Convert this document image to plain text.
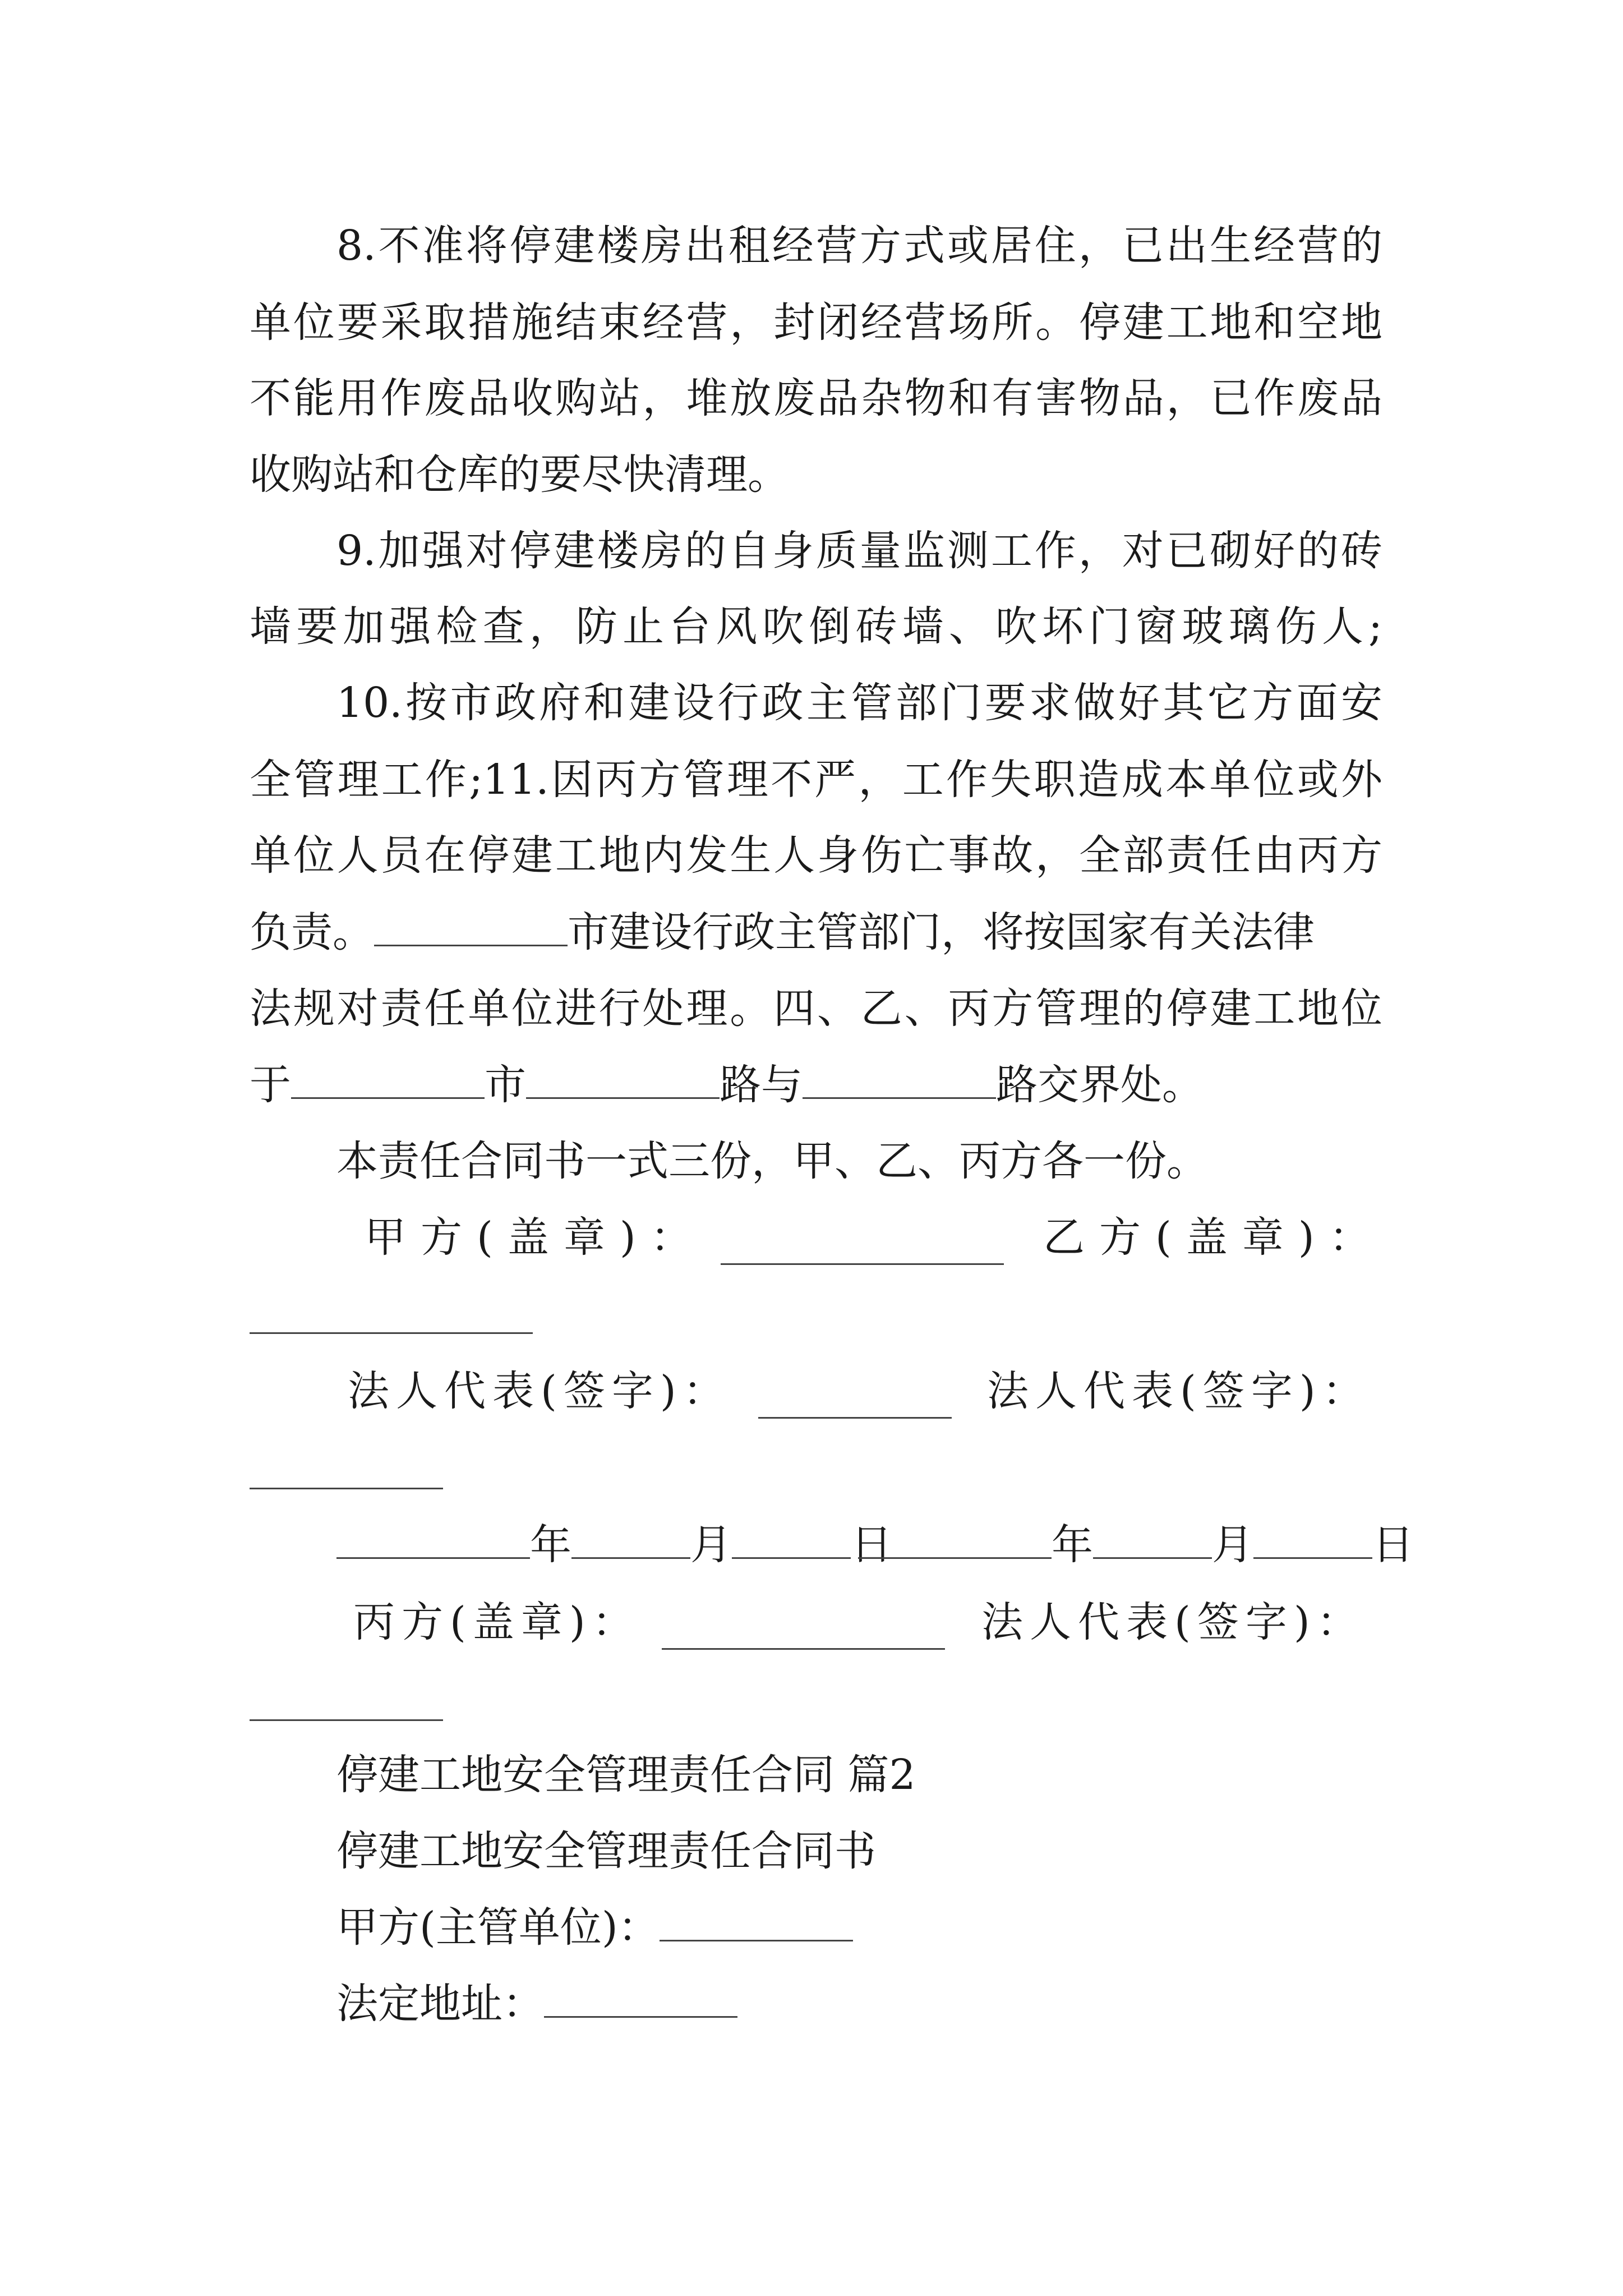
8.不准将停建楼房出租经营方式或居住，已出生经营的
单位要采取措施结束经营，封闭经营场所。停建工地和空地
不能用作废品收购站，堆放废品杂物和有害物品，已作废品
收购站和仓库的要尽快清理。
9.加强对停建楼房的自身质量监测工作，对已砌好的砖
墙要加强检查，防止台风吹倒砖墙、吹坏门窗玻璃伤人;
10.按市政府和建设行政主管部门要求做好其它方面安
全管理工作;11.因丙方管理不严，工作失职造成本单位或外
单位人员在停建工地内发生人身伤亡事故，全部责任由丙方
负责。	市建设行政主管部门，将按国家有关法律
法规对责任单位进行处理。四、乙、丙方管理的停建工地位
于	市	路与	路交界处。
本责任合同书一式三份，甲、乙、丙方各一份。
甲方(盖章)：	乙方(盖章)：
法人代表(签字)：	法人代表(签字)：
年	月	日	年	月	日
丙方(盖章)：	法人代表(签字)：
停建工地安全管理责任合同 篇2
停建工地安全管理责任合同书
甲方(主管单位)：
法定地址：
